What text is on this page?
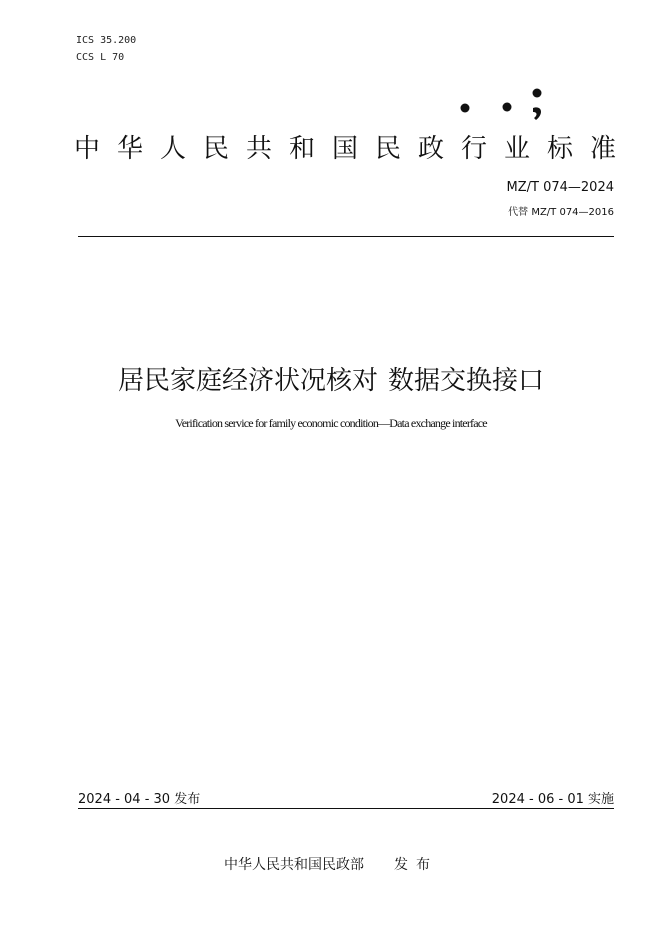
ICS 35.200
CCS L 70
中华人民共和国民政行业标准
MZ/T 074—2024
代替 MZ/T 074—2016
居民家庭经济状况核对 数据交换接口
Verification service for family economic condition—Data exchange interface
2024 - 04 - 30 发布	2024 - 06 - 01 实施
中华人民共和国民政部 发布
